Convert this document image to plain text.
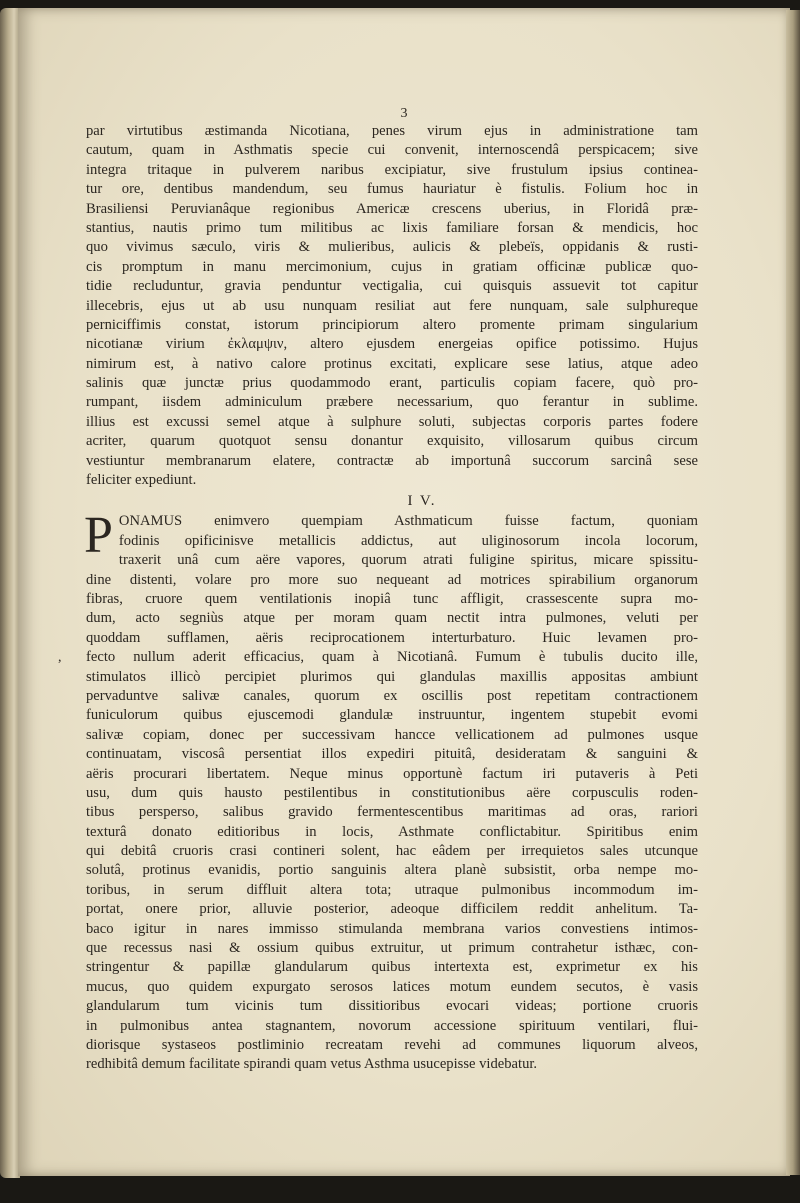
3
par virtutibus æstimanda Nicotiana, penes virum ejus in administratione tam
cautum, quam in Asthmatis specie cui convenit, internoscendâ perspicacem; sive
integra tritaque in pulverem naribus excipiatur, sive frustulum ipsius continea-
tur ore, dentibus mandendum, seu fumus hauriatur è fistulis. Folium hoc in
Brasiliensi Peruvianâque regionibus Americæ crescens uberius, in Floridâ præ-
stantius, nautis primo tum militibus ac lixis familiare forsan & mendicis, hoc
quo vivimus sæculo, viris & mulieribus, aulicis & plebeïs, oppidanis & rusti-
cis promptum in manu mercimonium, cujus in gratiam officinæ publicæ quo-
tidie recluduntur, gravia penduntur vectigalia, cui quisquis assuevit tot capitur
illecebris, ejus ut ab usu nunquam resiliat aut fere nunquam, sale sulphureque
perniciffimis constat, istorum principiorum altero promente primam singularium
nicotianæ virium ἐκλαμψιν, altero ejusdem energeias opifice potissimo. Hujus
nimirum est, à nativo calore protinus excitati, explicare sese latius, atque adeo
salinis quæ junctæ prius quodammodo erant, particulis copiam facere, quò pro-
rumpant, iisdem adminiculum præbere necessarium, quo ferantur in sublime.
illius est excussi semel atque à sulphure soluti, subjectas corporis partes fodere
acriter, quarum quotquot sensu donantur exquisito, villosarum quibus circum
vestiuntur membranarum elatere, contractæ ab importunâ succorum sarcinâ sese
feliciter expediunt.
I V.
P ONAMUS enimvero quempiam Asthmaticum fuisse factum, quoniam
fodinis opificinisve metallicis addictus, aut uliginosorum incola locorum,
traxerit unâ cum aëre vapores, quorum atrati fuligine spiritus, micare spissitu-
dine distenti, volare pro more suo nequeant ad motrices spirabilium organorum
fibras, cruore quem ventilationis inopiâ tunc affligit, crassescente supra mo-
dum, acto segniùs atque per moram quam nectit intra pulmones, veluti per
quoddam sufflamen, aëris reciprocationem interturbaturo. Huic levamen pro-
fecto nullum aderit efficacius, quam à Nicotianâ. Fumum è tubulis ducito ille,
stimulatos illicò percipiet plurimos qui glandulas maxillis appositas ambiunt
pervaduntve salivæ canales, quorum ex oscillis post repetitam contractionem
funiculorum quibus ejuscemodi glandulæ instruuntur, ingentem stupebit evomi
salivæ copiam, donec per successivam hancce vellicationem ad pulmones usque
continuatam, viscosâ persentiat illos expediri pituitâ, desideratam & sanguini &
aëris procurari libertatem. Neque minus opportunè factum iri putaveris à Peti
usu, dum quis hausto pestilentibus in constitutionibus aëre corpusculis roden-
tibus persperso, salibus gravido fermentescentibus maritimas ad oras, rariori
texturâ donato editioribus in locis, Asthmate conflictabitur. Spiritibus enim
qui debitâ cruoris crasi contineri solent, hac eâdem per irrequietos sales utcunque
solutâ, protinus evanidis, portio sanguinis altera planè subsistit, orba nempe mo-
toribus, in serum diffluit altera tota; utraque pulmonibus incommodum im-
portat, onere prior, alluvie posterior, adeoque difficilem reddit anhelitum. Ta-
baco igitur in nares immisso stimulanda membrana varios convestiens intimos-
que recessus nasi & ossium quibus extruitur, ut primum contrahetur isthæc, con-
stringentur & papillæ glandularum quibus intertexta est, exprimetur ex his
mucus, quo quidem expurgato serosos latices motum eundem secutos, è vasis
glandularum tum vicinis tum dissitioribus evocari videas; portione cruoris
in pulmonibus antea stagnantem, novorum accessione spirituum ventilari, flui-
diorisque systaseos postliminio recreatam revehi ad communes liquorum alveos,
redhibitâ demum facilitate spirandi quam vetus Asthma usucepisse videbatur.
,
